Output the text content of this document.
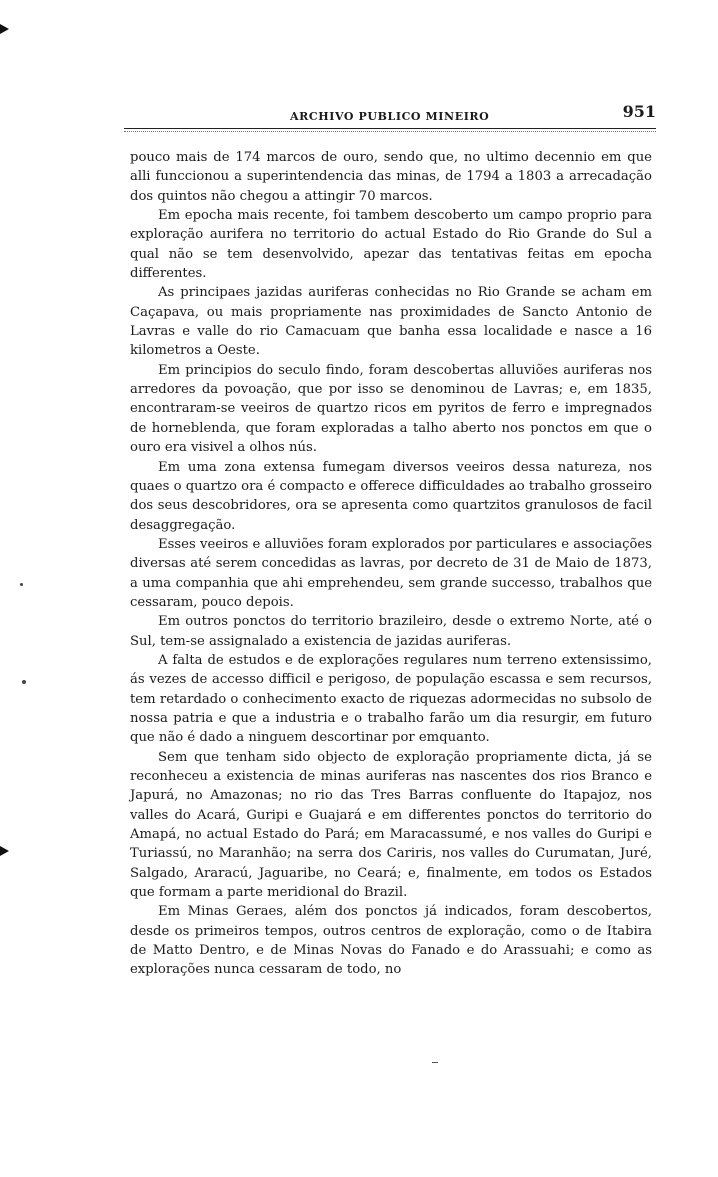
ARCHIVO PUBLICO MINEIRO	951

pouco mais de 174 marcos de ouro, sendo que, no ultimo decennio em que alli funccionou a superintendencia das minas, de 1794 a 1803 a arrecadação dos quintos não chegou a attingir 70 marcos.

Em epocha mais recente, foi tambem descoberto um campo proprio para exploração aurifera no territorio do actual Estado do Rio Grande do Sul a qual não se tem desenvolvido, apezar das tentativas feitas em epocha differentes.

As principaes jazidas auriferas conhecidas no Rio Grande se acham em Caçapava, ou mais propriamente nas proximidades de Sancto Antonio de Lavras e valle do rio Camacuam que banha essa localidade e nasce a 16 kilometros a Oeste.

Em principios do seculo findo, foram descobertas alluviões auriferas nos arredores da povoação, que por isso se denominou de Lavras; e, em 1835, encontraram-se veeiros de quartzo ricos em pyritos de ferro e impregnados de horneblenda, que foram exploradas a talho aberto nos ponctos em que o ouro era visivel a olhos nús.

Em uma zona extensa fumegam diversos veeiros dessa natureza, nos quaes o quartzo ora é compacto e offerece difficuldades ao trabalho grosseiro dos seus descobridores, ora se apresenta como quartzitos granulosos de facil desaggregação.

Esses veeiros e alluviões foram explorados por particulares e associações diversas até serem concedidas as lavras, por decreto de 31 de Maio de 1873, a uma companhia que ahi emprehendeu, sem grande successo, trabalhos que cessaram, pouco depois.

Em outros ponctos do territorio brazileiro, desde o extremo Norte, até o Sul, tem-se assignalado a existencia de jazidas auriferas.

A falta de estudos e de explorações regulares num terreno extensissimo, ás vezes de accesso difficil e perigoso, de população escassa e sem recursos, tem retardado o conhecimento exacto de riquezas adormecidas no subsolo de nossa patria e que a industria e o trabalho farão um dia resurgir, em futuro que não é dado a ninguem descortinar por emquanto.

Sem que tenham sido objecto de exploração propriamente dicta, já se reconheceu a existencia de minas auriferas nas nascentes dos rios Branco e Japurá, no Amazonas; no rio das Tres Barras confluente do Itapajoz, nos valles do Acará, Guripi e Guajará e em differentes ponctos do territorio do Amapá, no actual Estado do Pará; em Maracassumé, e nos valles do Guripi e Turiassú, no Maranhão; na serra dos Cariris, nos valles do Curumatan, Juré, Salgado, Araracú, Jaguaribe, no Ceará; e, finalmente, em todos os Estados que formam a parte meridional do Brazil.

Em Minas Geraes, além dos ponctos já indicados, foram descobertos, desde os primeiros tempos, outros centros de exploração, como o de Itabira de Matto Dentro, e de Minas Novas do Fanado e do Arassuahi; e como as explorações nunca cessaram de todo, no
